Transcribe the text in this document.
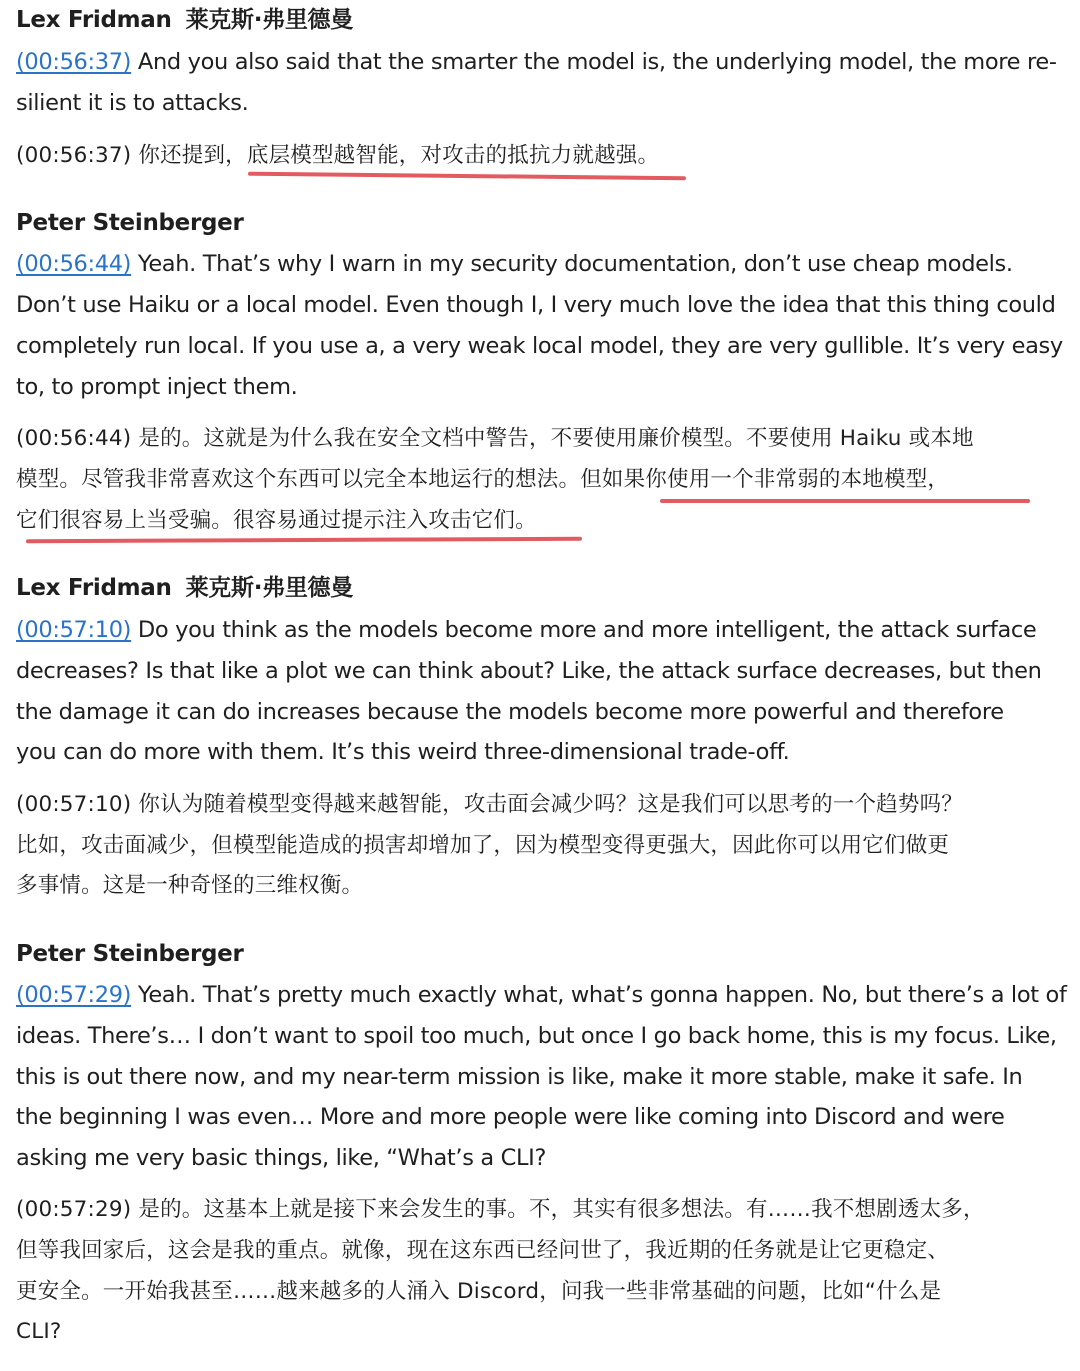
Lex Fridman 莱克斯·弗里德曼
(00:56:37) And you also said that the smarter the model is, the underlying model, the more re-
silient it is to attacks.
(00:56:37) 你还提到，底层模型越智能，对攻击的抵抗力就越强。
Peter Steinberger
(00:56:44) Yeah. That’s why I warn in my security documentation, don’t use cheap models.
Don’t use Haiku or a local model. Even though I, I very much love the idea that this thing could
completely run local. If you use a, a very weak local model, they are very gullible. It’s very easy
to, to prompt inject them.
(00:56:44) 是的。这就是为什么我在安全文档中警告，不要使用廉价模型。不要使用 Haiku 或本地
模型。尽管我非常喜欢这个东西可以完全本地运行的想法。但如果你使用一个非常弱的本地模型，
它们很容易上当受骗。很容易通过提示注入攻击它们。
Lex Fridman 莱克斯·弗里德曼
(00:57:10) Do you think as the models become more and more intelligent, the attack surface
decreases? Is that like a plot we can think about? Like, the attack surface decreases, but then
the damage it can do increases because the models become more powerful and therefore
you can do more with them. It’s this weird three-dimensional trade-off.
(00:57:10) 你认为随着模型变得越来越智能，攻击面会减少吗？这是我们可以思考的一个趋势吗？
比如，攻击面减少，但模型能造成的损害却增加了，因为模型变得更强大，因此你可以用它们做更
多事情。这是一种奇怪的三维权衡。
Peter Steinberger
(00:57:29) Yeah. That’s pretty much exactly what, what’s gonna happen. No, but there’s a lot of
ideas. There’s… I don’t want to spoil too much, but once I go back home, this is my focus. Like,
this is out there now, and my near-term mission is like, make it more stable, make it safe. In
the beginning I was even… More and more people were like coming into Discord and were
asking me very basic things, like, “What’s a CLI?
(00:57:29) 是的。这基本上就是接下来会发生的事。不，其实有很多想法。有……我不想剧透太多，
但等我回家后，这会是我的重点。就像，现在这东西已经问世了，我近期的任务就是让它更稳定、
更安全。一开始我甚至……越来越多的人涌入 Discord，问我一些非常基础的问题，比如“什么是
CLI?
